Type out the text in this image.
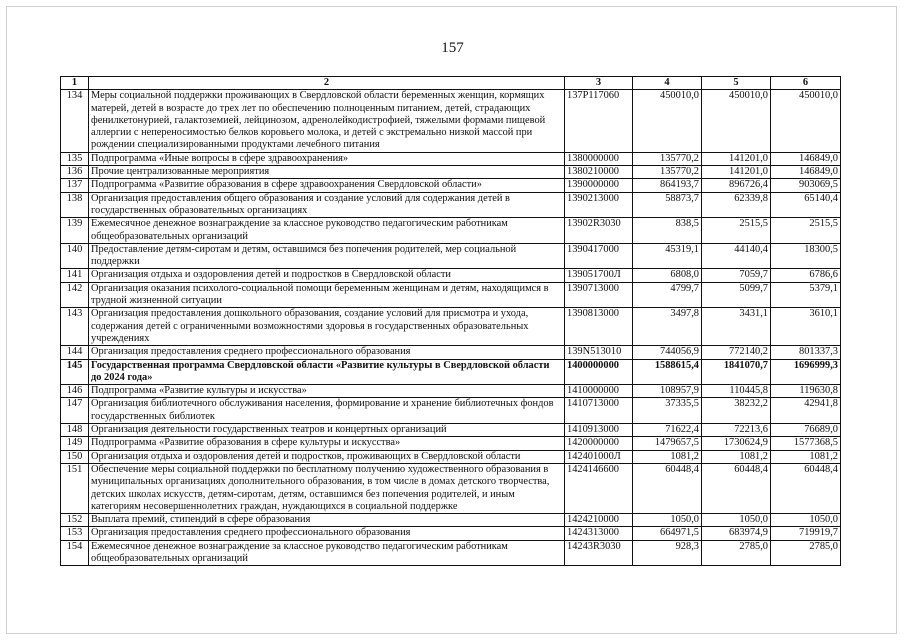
157
1	2	3	4	5	6
134	Меры социальной поддержки проживающих в Свердловской области беременных женщин, кормящих матерей, детей в возрасте до трех лет по обеспечению полноценным питанием, детей, страдающих фенилкетонурией, галактоземией, лейцинозом, адренолейкодистрофией, тяжелыми формами пищевой аллергии с непереносимостью белков коровьего молока, и детей с экстремально низкой массой при рождении специализированными продуктами лечебного питания	137P117060	450010,0	450010,0	450010,0
135	Подпрограмма «Иные вопросы в сфере здравоохранения»	1380000000	135770,2	141201,0	146849,0
136	Прочие централизованные мероприятия	1380210000	135770,2	141201,0	146849,0
137	Подпрограмма «Развитие образования в сфере здравоохранения Свердловской области»	1390000000	864193,7	896726,4	903069,5
138	Организация предоставления общего образования и создание условий для содержания детей в государственных образовательных организациях	1390213000	58873,7	62339,8	65140,4
139	Ежемесячное денежное вознаграждение за классное руководство педагогическим работникам общеобразовательных организаций	13902R3030	838,5	2515,5	2515,5
140	Предоставление детям-сиротам и детям, оставшимся без попечения родителей, мер социальной поддержки	1390417000	45319,1	44140,4	18300,5
141	Организация отдыха и оздоровления детей и подростков в Свердловской области	139051700Л	6808,0	7059,7	6786,6
142	Организация оказания психолого-социальной помощи беременным женщинам и детям, находящимся в трудной жизненной ситуации	1390713000	4799,7	5099,7	5379,1
143	Организация предоставления дошкольного образования, создание условий для присмотра и ухода, содержания детей с ограниченными возможностями здоровья в государственных образовательных учреждениях	1390813000	3497,8	3431,1	3610,1
144	Организация предоставления среднего профессионального образования	139N513010	744056,9	772140,2	801337,3
145	Государственная программа Свердловской области «Развитие культуры в Свердловской области до 2024 года»	1400000000	1588615,4	1841070,7	1696999,3
146	Подпрограмма «Развитие культуры и искусства»	1410000000	108957,9	110445,8	119630,8
147	Организация библиотечного обслуживания населения, формирование и хранение библиотечных фондов государственных библиотек	1410713000	37335,5	38232,2	42941,8
148	Организация деятельности государственных театров и концертных организаций	1410913000	71622,4	72213,6	76689,0
149	Подпрограмма «Развитие образования в сфере культуры и искусства»	1420000000	1479657,5	1730624,9	1577368,5
150	Организация отдыха и оздоровления детей и подростков, проживающих в Свердловской области	142401000Л	1081,2	1081,2	1081,2
151	Обеспечение меры социальной поддержки по бесплатному получению художественного образования в муниципальных организациях дополнительного образования, в том числе в домах детского творчества, детских школах искусств, детям-сиротам, детям, оставшимся без попечения родителей, и иным категориям несовершеннолетних граждан, нуждающихся в социальной поддержке	1424146600	60448,4	60448,4	60448,4
152	Выплата премий, стипендий в сфере образования	1424210000	1050,0	1050,0	1050,0
153	Организация предоставления среднего профессионального образования	1424313000	664971,5	683974,9	719919,7
154	Ежемесячное денежное вознаграждение за классное руководство педагогическим работникам общеобразовательных организаций	14243R3030	928,3	2785,0	2785,0
